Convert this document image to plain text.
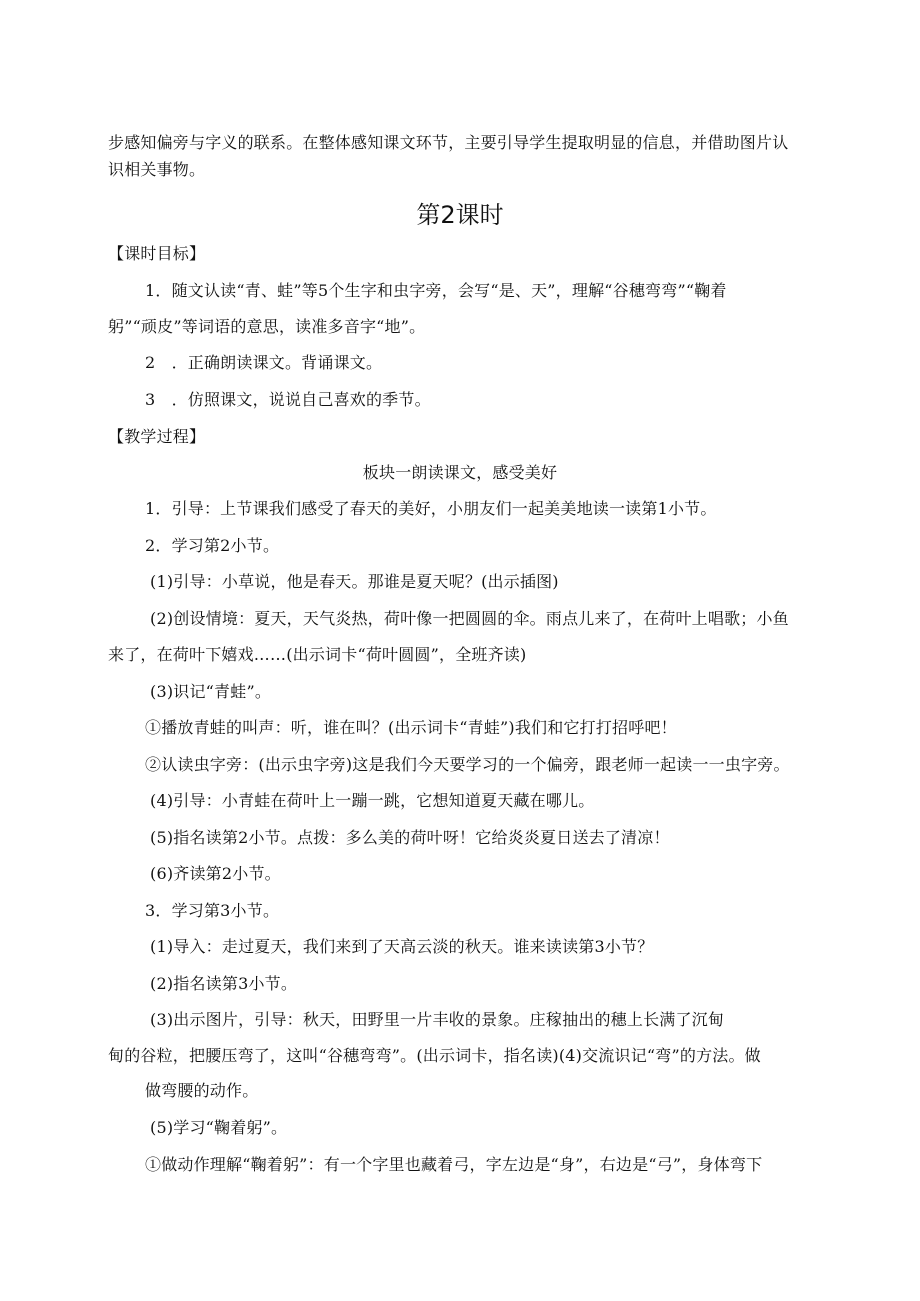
步感知偏旁与字义的联系。在整体感知课文环节，主要引导学生提取明显的信息，并借助图片认
识相关事物。
第2课时
【课时目标】
1．随文认读“青、蛙”等5个生字和虫字旁，会写“是、天”，理解“谷穗弯弯”“鞠着
躬”“顽皮”等词语的意思，读准多音字“地”。
2　．正确朗读课文。背诵课文。
3　．仿照课文，说说自己喜欢的季节。
【教学过程】
板块一朗读课文，感受美好
1．引导：上节课我们感受了春天的美好，小朋友们一起美美地读一读第1小节。
2．学习第2小节。
(1)引导：小草说，他是春天。那谁是夏天呢？(出示插图)
(2)创设情境：夏天，天气炎热，荷叶像一把圆圆的伞。雨点儿来了，在荷叶上唱歌；小鱼
来了，在荷叶下嬉戏……(出示词卡“荷叶圆圆”，全班齐读)
(3)识记“青蛙”。
①播放青蛙的叫声：听，谁在叫？(出示词卡“青蛙”)我们和它打打招呼吧！
②认读虫字旁：(出示虫字旁)这是我们今天要学习的一个偏旁，跟老师一起读一一虫字旁。
(4)引导：小青蛙在荷叶上一蹦一跳，它想知道夏天藏在哪儿。
(5)指名读第2小节。点拨：多么美的荷叶呀！它给炎炎夏日送去了清凉！
(6)齐读第2小节。
3．学习第3小节。
(1)导入：走过夏天，我们来到了天高云淡的秋天。谁来读读第3小节？
(2)指名读第3小节。
(3)出示图片，引导：秋天，田野里一片丰收的景象。庄稼抽出的穗上长满了沉甸
甸的谷粒，把腰压弯了，这叫“谷穗弯弯”。(出示词卡，指名读)(4)交流识记“弯”的方法。做
做弯腰的动作。
(5)学习“鞠着躬”。
①做动作理解“鞠着躬”：有一个字里也藏着弓，字左边是“身”，右边是“弓”，身体弯下
